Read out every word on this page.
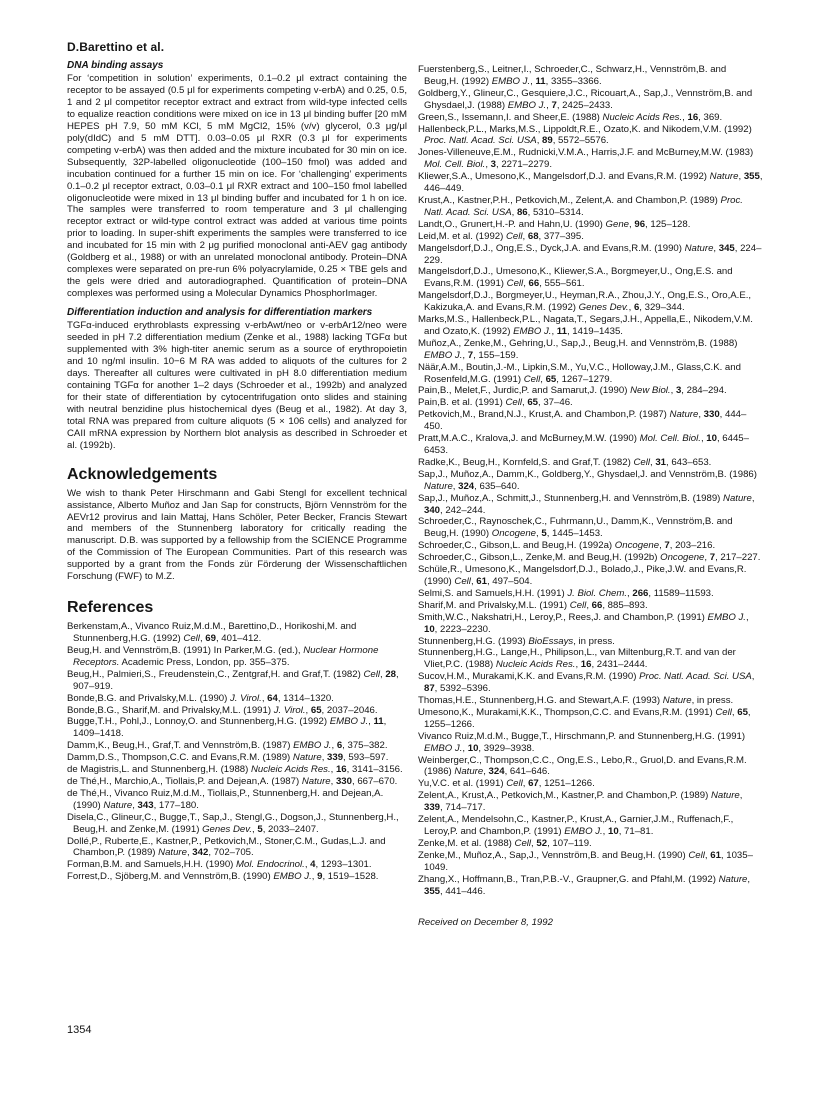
D.Barettino et al.
DNA binding assays

For ‘competition in solution’ experiments, 0.1–0.2 μl extract containing the receptor to be assayed (0.5 μl for experiments competing v-erbA) and 0.25, 0.5, 1 and 2 μl competitor receptor extract and extract from wild-type infected cells to equalize reaction conditions were mixed on ice in 13 μl binding buffer [20 mM HEPES pH 7.9, 50 mM KCl, 5 mM MgCl2, 15% (v/v) glycerol, 0.3 μg/μl poly(dIdC) and 5 mM DTT]. 0.03–0.05 μl RXR (0.3 μl for experiments competing v-erbA) was then added and the mixture incubated for 30 min on ice. Subsequently, 32P-labelled oligonucleotide (100–150 fmol) was added and incubation continued for a further 15 min on ice. For ‘challenging’ experiments 0.1–0.2 μl receptor extract, 0.03–0.1 μl RXR extract and 100–150 fmol labelled oligonucleotide were mixed in 13 μl binding buffer and incubated for 1 h on ice. The samples were transferred to room temperature and 3 μl challenging receptor extract or wild-type control extract was added at various time points prior to loading. In super-shift experiments the samples were transferred to ice and incubated for 15 min with 2 μg purified monoclonal anti-AEV gag antibody (Goldberg et al., 1988) or with an unrelated monoclonal antibody. Protein–DNA complexes were separated on pre-run 6% polyacrylamide, 0.25 × TBE gels and the gels were dried and autoradiographed. Quantification of protein–DNA complexes was performed using a Molecular Dynamics PhosphorImager.

Differentiation induction and analysis for differentiation markers

TGFα-induced erythroblasts expressing v-erbAwt/neo or v-erbAr12/neo were seeded in pH 7.2 differentiation medium (Zenke et al., 1988) lacking TGFα but supplemented with 3% high-titer anemic serum as a source of erythropoietin and 10 ng/ml insulin. 10−6 M RA was added to aliquots of the cultures for 2 days. Thereafter all cultures were cultivated in pH 8.0 differentiation medium containing TGFα for another 1–2 days (Schroeder et al., 1992b) and analyzed for their state of differentiation by cytocentrifugation onto slides and staining with neutral benzidine plus histochemical dyes (Beug et al., 1982). At day 3, total RNA was prepared from culture aliquots (5 × 106 cells) and analyzed for CAII mRNA expression by Northern blot analysis as described in Schroeder et al. (1992b).

Acknowledgements

We wish to thank Peter Hirschmann and Gabi Stengl for excellent technical assistance, Alberto Muñoz and Jan Sap for constructs, Björn Vennström for the AEVr12 provirus and Iain Mattaj, Hans Schöler, Peter Becker, Francis Stewart and members of the Stunnenberg laboratory for critically reading the manuscript. D.B. was supported by a fellowship from the SCIENCE Programme of the Commission of The European Communities. Part of this research was supported by a grant from the Fonds zür Förderung der Wissenschaftlichen Forschung (FWF) to M.Z.

References
Berkenstam,A., Vivanco Ruiz,M.d.M., Barettino,D., Horikoshi,M. and Stunnenberg,H.G. (1992) Cell, 69, 401–412.
Beug,H. and Vennström,B. (1991) In Parker,M.G. (ed.), Nuclear Hormone Receptors. Academic Press, London, pp. 355–375.
Beug,H., Palmieri,S., Freudenstein,C., Zentgraf,H. and Graf,T. (1982) Cell, 28, 907–919.
Bonde,B.G. and Privalsky,M.L. (1990) J. Virol., 64, 1314–1320.
Bonde,B.G., Sharif,M. and Privalsky,M.L. (1991) J. Virol., 65, 2037–2046.
Bugge,T.H., Pohl,J., Lonnoy,O. and Stunnenberg,H.G. (1992) EMBO J., 11, 1409–1418.
Damm,K., Beug,H., Graf,T. and Vennström,B. (1987) EMBO J., 6, 375–382.
Damm,D.S., Thompson,C.C. and Evans,R.M. (1989) Nature, 339, 593–597.
de Magistris,L. and Stunnenberg,H. (1988) Nucleic Acids Res., 16, 3141–3156.
de Thé,H., Marchio,A., Tiollais,P. and Dejean,A. (1987) Nature, 330, 667–670.
de Thé,H., Vivanco Ruiz,M.d.M., Tiollais,P., Stunnenberg,H. and Dejean,A. (1990) Nature, 343, 177–180.
Disela,C., Glineur,C., Bugge,T., Sap,J., Stengl,G., Dogson,J., Stunnenberg,H., Beug,H. and Zenke,M. (1991) Genes Dev., 5, 2033–2407.
Dollé,P., Ruberte,E., Kastner,P., Petkovich,M., Stoner,C.M., Gudas,L.J. and Chambon,P. (1989) Nature, 342, 702–705.
Forman,B.M. and Samuels,H.H. (1990) Mol. Endocrinol., 4, 1293–1301.
Forrest,D., Sjöberg,M. and Vennström,B. (1990) EMBO J., 9, 1519–1528.
Fuerstenberg,S., Leitner,I., Schroeder,C., Schwarz,H., Vennström,B. and Beug,H. (1992) EMBO J., 11, 3355–3366.
Goldberg,Y., Glineur,C., Gesquiere,J.C., Ricouart,A., Sap,J., Vennström,B. and Ghysdael,J. (1988) EMBO J., 7, 2425–2433.
Green,S., Issemann,I. and Sheer,E. (1988) Nucleic Acids Res., 16, 369.
Hallenbeck,P.L., Marks,M.S., Lippoldt,R.E., Ozato,K. and Nikodem,V.M. (1992) Proc. Natl. Acad. Sci. USA, 89, 5572–5576.
Jones-Villeneuve,E.M., Rudnicki,V.M.A., Harris,J.F. and McBurney,M.W. (1983) Mol. Cell. Biol., 3, 2271–2279.
Kliewer,S.A., Umesono,K., Mangelsdorf,D.J. and Evans,R.M. (1992) Nature, 355, 446–449.
Krust,A., Kastner,P.H., Petkovich,M., Zelent,A. and Chambon,P. (1989) Proc. Natl. Acad. Sci. USA, 86, 5310–5314.
Landt,O., Grunert,H.-P. and Hahn,U. (1990) Gene, 96, 125–128.
Leid,M. et al. (1992) Cell, 68, 377–395.
Mangelsdorf,D.J., Ong,E.S., Dyck,J.A. and Evans,R.M. (1990) Nature, 345, 224–229.
Mangelsdorf,D.J., Umesono,K., Kliewer,S.A., Borgmeyer,U., Ong,E.S. and Evans,R.M. (1991) Cell, 66, 555–561.
Mangelsdorf,D.J., Borgmeyer,U., Heyman,R.A., Zhou,J.Y., Ong,E.S., Oro,A.E., Kakizuka,A. and Evans,R.M. (1992) Genes Dev., 6, 329–344.
Marks,M.S., Hallenbeck,P.L., Nagata,T., Segars,J.H., Appella,E., Nikodem,V.M. and Ozato,K. (1992) EMBO J., 11, 1419–1435.
Muñoz,A., Zenke,M., Gehring,U., Sap,J., Beug,H. and Vennström,B. (1988) EMBO J., 7, 155–159.
Näär,A.M., Boutin,J.-M., Lipkin,S.M., Yu,V.C., Holloway,J.M., Glass,C.K. and Rosenfeld,M.G. (1991) Cell, 65, 1267–1279.
Pain,B., Melet,F., Jurdic,P. and Samarut,J. (1990) New Biol., 3, 284–294.
Pain,B. et al. (1991) Cell, 65, 37–46.
Petkovich,M., Brand,N.J., Krust,A. and Chambon,P. (1987) Nature, 330, 444–450.
Pratt,M.A.C., Kralova,J. and McBurney,M.W. (1990) Mol. Cell. Biol., 10, 6445–6453.
Radke,K., Beug,H., Kornfeld,S. and Graf,T. (1982) Cell, 31, 643–653.
Sap,J., Muñoz,A., Damm,K., Goldberg,Y., Ghysdael,J. and Vennström,B. (1986) Nature, 324, 635–640.
Sap,J., Muñoz,A., Schmitt,J., Stunnenberg,H. and Vennström,B. (1989) Nature, 340, 242–244.
Schroeder,C., Raynoschek,C., Fuhrmann,U., Damm,K., Vennström,B. and Beug,H. (1990) Oncogene, 5, 1445–1453.
Schroeder,C., Gibson,L. and Beug,H. (1992a) Oncogene, 7, 203–216.
Schroeder,C., Gibson,L., Zenke,M. and Beug,H. (1992b) Oncogene, 7, 217–227.
Schüle,R., Umesono,K., Mangelsdorf,D.J., Bolado,J., Pike,J.W. and Evans,R. (1990) Cell, 61, 497–504.
Selmi,S. and Samuels,H.H. (1991) J. Biol. Chem., 266, 11589–11593.
Sharif,M. and Privalsky,M.L. (1991) Cell, 66, 885–893.
Smith,W.C., Nakshatri,H., Leroy,P., Rees,J. and Chambon,P. (1991) EMBO J., 10, 2223–2230.
Stunnenberg,H.G. (1993) BioEssays, in press.
Stunnenberg,H.G., Lange,H., Philipson,L., van Miltenburg,R.T. and van der Vliet,P.C. (1988) Nucleic Acids Res., 16, 2431–2444.
Sucov,H.M., Murakami,K.K. and Evans,R.M. (1990) Proc. Natl. Acad. Sci. USA, 87, 5392–5396.
Thomas,H.E., Stunnenberg,H.G. and Stewart,A.F. (1993) Nature, in press.
Umesono,K., Murakami,K.K., Thompson,C.C. and Evans,R.M. (1991) Cell, 65, 1255–1266.
Vivanco Ruiz,M.d.M., Bugge,T., Hirschmann,P. and Stunnenberg,H.G. (1991) EMBO J., 10, 3929–3938.
Weinberger,C., Thompson,C.C., Ong,E.S., Lebo,R., Gruol,D. and Evans,R.M. (1986) Nature, 324, 641–646.
Yu,V.C. et al. (1991) Cell, 67, 1251–1266.
Zelent,A., Krust,A., Petkovich,M., Kastner,P. and Chambon,P. (1989) Nature, 339, 714–717.
Zelent,A., Mendelsohn,C., Kastner,P., Krust,A., Garnier,J.M., Ruffenach,F., Leroy,P. and Chambon,P. (1991) EMBO J., 10, 71–81.
Zenke,M. et al. (1988) Cell, 52, 107–119.
Zenke,M., Muñoz,A., Sap,J., Vennström,B. and Beug,H. (1990) Cell, 61, 1035–1049.
Zhang,X., Hoffmann,B., Tran,P.B.-V., Graupner,G. and Pfahl,M. (1992) Nature, 355, 441–446.
Received on December 8, 1992
1354
